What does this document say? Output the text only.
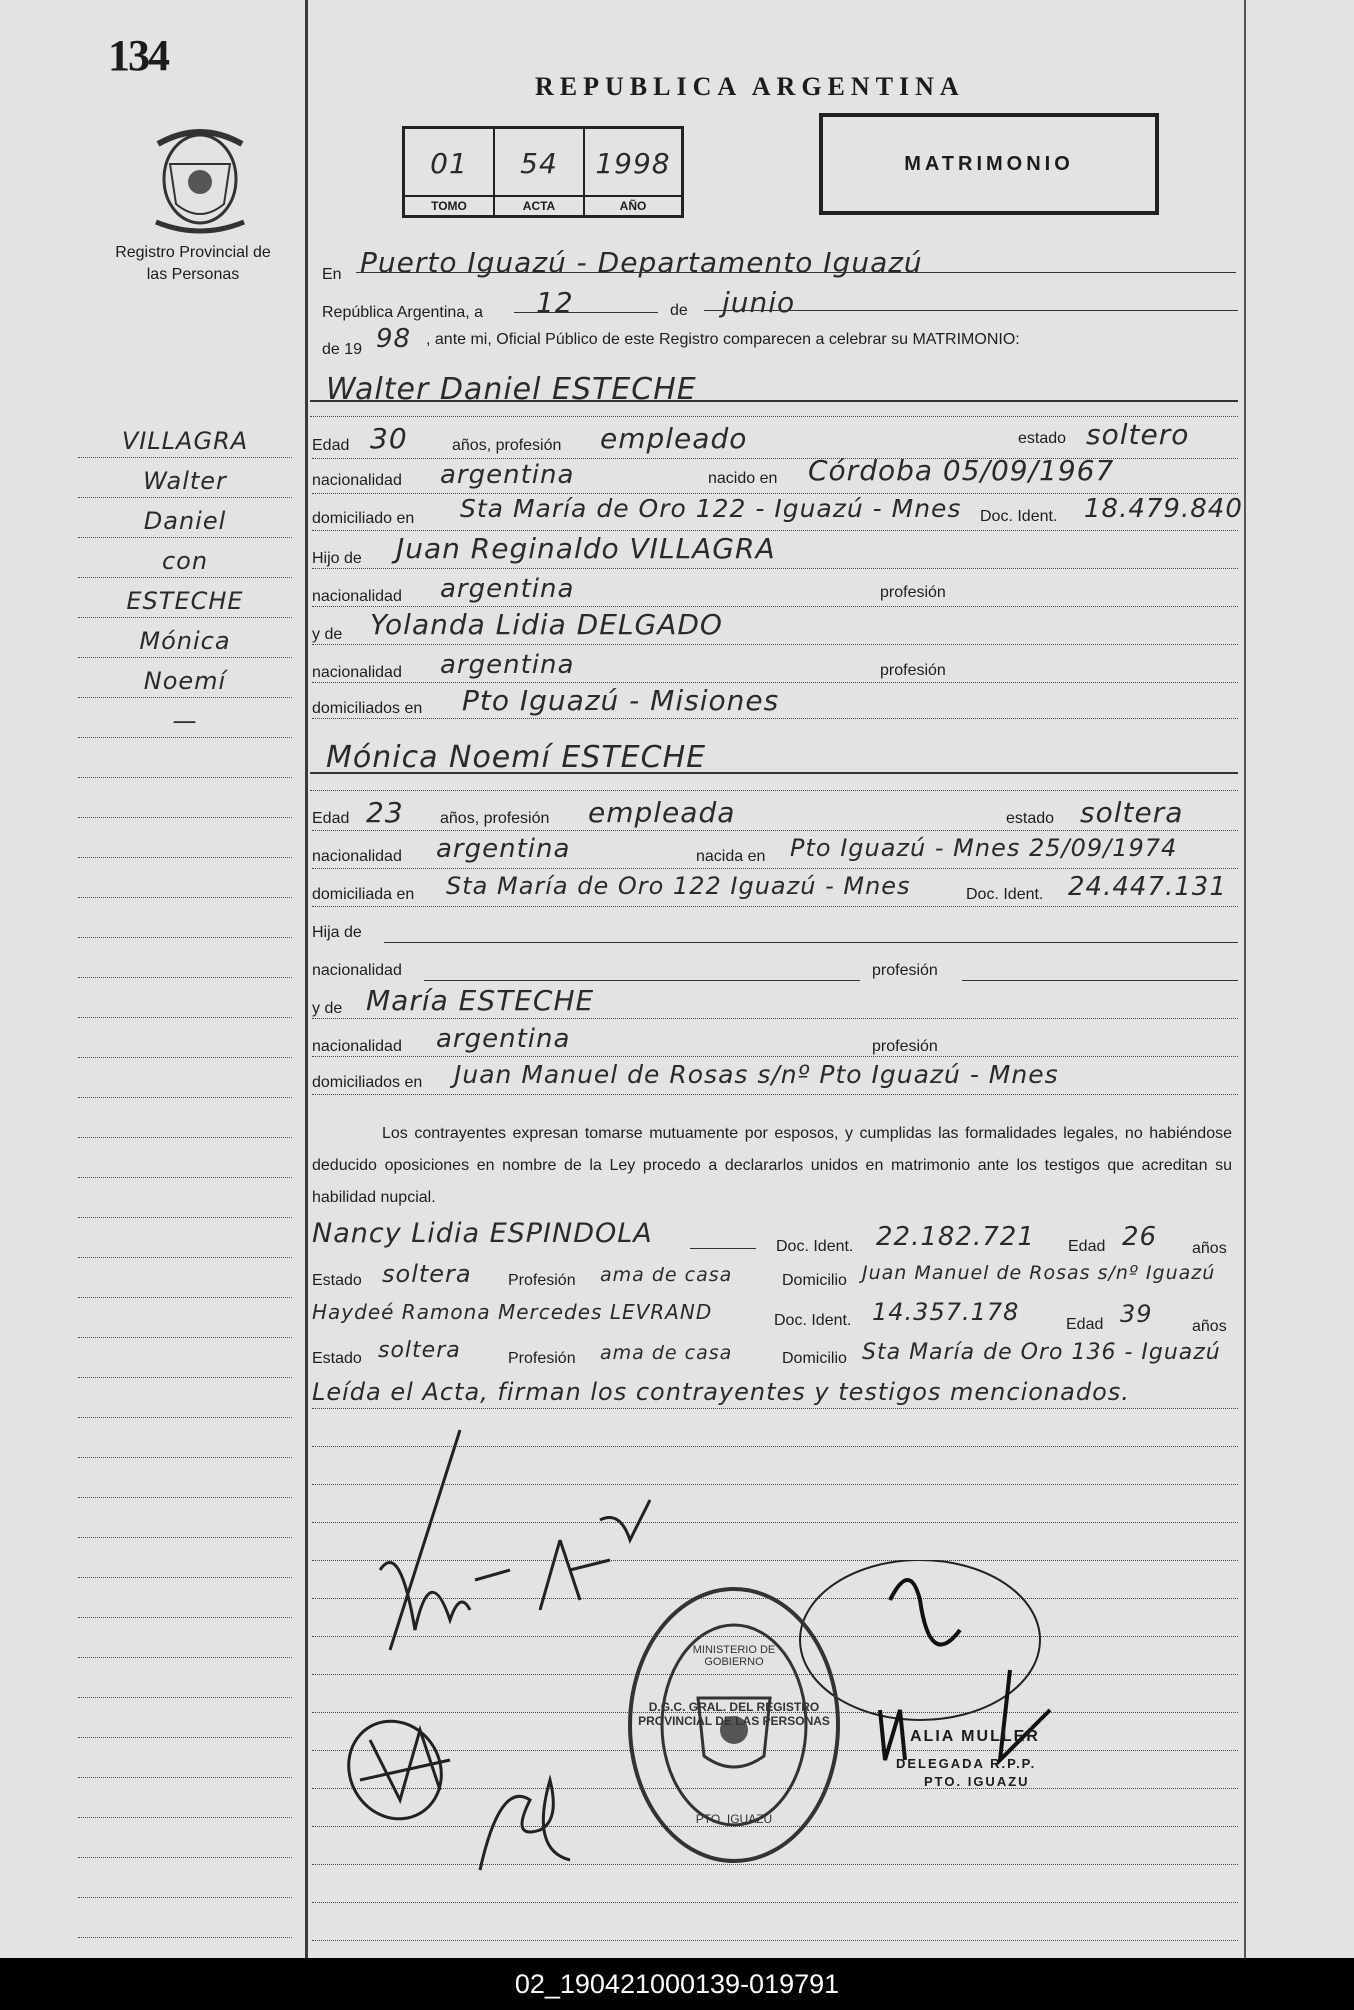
134
Registro Provincial de las Personas
VILLAGRA
Walter
Daniel
con
ESTECHE
Mónica
Noemí
—
REPUBLICA ARGENTINA
01
TOMO
54
ACTA
1998
AÑO
MATRIMONIO
En Puerto Iguazú - Departamento Iguazú
República Argentina, a 12	de junio
de 19 98 , ante mi, Oficial Público de este Registro comparecen a celebrar su MATRIMONIO:
Walter Daniel ESTECHE
Edad 30	años, profesión empleado	estado soltero
nacionalidad argentina	nacido en Córdoba 05/09/1967
domiciliado en Sta María de Oro 122 - Iguazú - Mnes Doc. Ident. 18.479.840
Hijo de Juan Reginaldo VILLAGRA
nacionalidad argentina	profesión
y de Yolanda Lidia DELGADO
nacionalidad argentina	profesión
domiciliados en Pto Iguazú - Misiones
Mónica Noemí ESTECHE
Edad 23 años, profesión empleada	estado soltera
nacionalidad argentina	nacida en Pto Iguazú - Mnes 25/09/1974
domiciliada en Sta María de Oro 122 Iguazú - Mnes	Doc. Ident. 24.447.131
Hija de
nacionalidad	profesión
y de María ESTECHE
nacionalidad argentina	profesión
domiciliados en Juan Manuel de Rosas s/nº Pto Iguazú - Mnes
Los contrayentes expresan tomarse mutuamente por esposos, y cumplidas las formalidades legales, no habiéndose deducido oposiciones en nombre de la Ley procedo a declararlos unidos en matrimonio ante los testigos que acreditan su habilidad nupcial.
Nancy Lidia ESPINDOLA	Doc. Ident. 22.182.721 Edad 26 años
Estado soltera Profesión ama de casa	Domicilio Juan Manuel de Rosas s/nº Iguazú
Haydeé Ramona Mercedes LEVRAND	Doc. Ident. 14.357.178	Edad 39 años
Estado soltera	Profesión ama de casa	Domicilio Sta María de Oro 136 - Iguazú
Leída el Acta, firman los contrayentes y testigos mencionados.
D.G.C. GRAL. DEL REGISTRO PROVINCIAL DE LAS PERSONAS
MINISTERIO DE GOBIERNO
PTO. IGUAZU
ALIA MULLER
DELEGADA R.P.P.
PTO. IGUAZU
02_190421000139-019791
